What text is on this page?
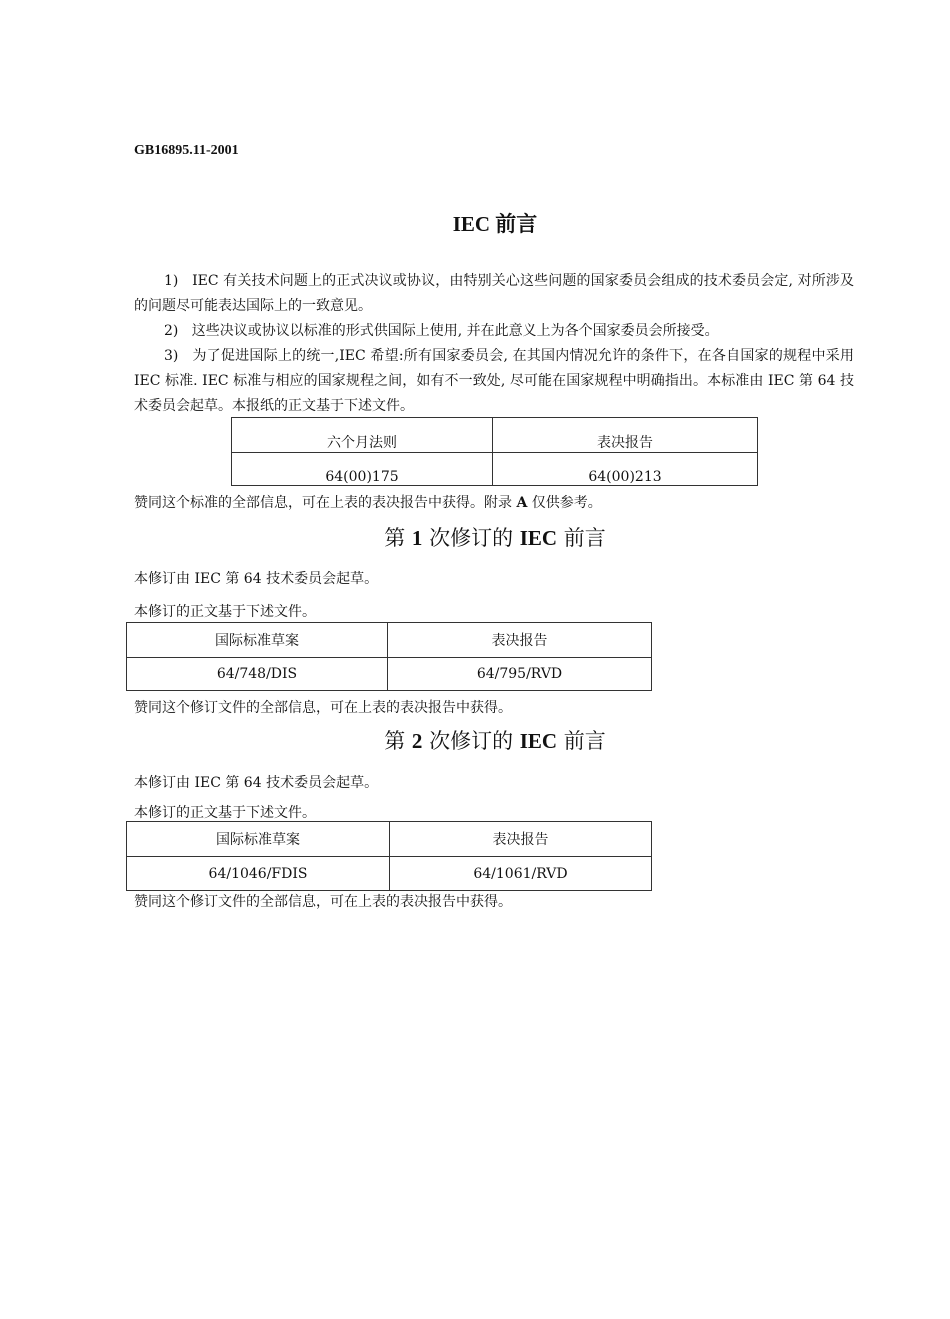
GB16895.11-2001
IEC 前言
1) IEC 有关技术问题上的正式决议或协议，由特别关心这些问题的国家委员会组成的技术委员会定, 对所涉及的问题尽可能表达国际上的一致意见。
2) 这些决议或协议以标准的形式供国际上使用, 并在此意义上为各个国家委员会所接受。
3) 为了促进国际上的统一,IEC 希望:所有国家委员会, 在其国内情况允许的条件下，在各自国家的规程中采用 IEC 标准. IEC 标准与相应的国家规程之间，如有不一致处, 尽可能在国家规程中明确指出。本标准由 IEC 第 64 技术委员会起草。本报纸的正文基于下述文件。
六个月法则	表决报告
64(00)175	64(00)213
赞同这个标准的全部信息，可在上表的表决报告中获得。附录 A 仅供参考。
第 1 次修订的 IEC 前言
本修订由 IEC 第 64 技术委员会起草。
本修订的正文基于下述文件。
国际标准草案	表决报告
64/748/DIS	64/795/RVD
赞同这个修订文件的全部信息，可在上表的表决报告中获得。
第 2 次修订的 IEC 前言
本修订由 IEC 第 64 技术委员会起草。
本修订的正文基于下述文件。
国际标准草案	表决报告
64/1046/FDIS	64/1061/RVD
赞同这个修订文件的全部信息，可在上表的表决报告中获得。
